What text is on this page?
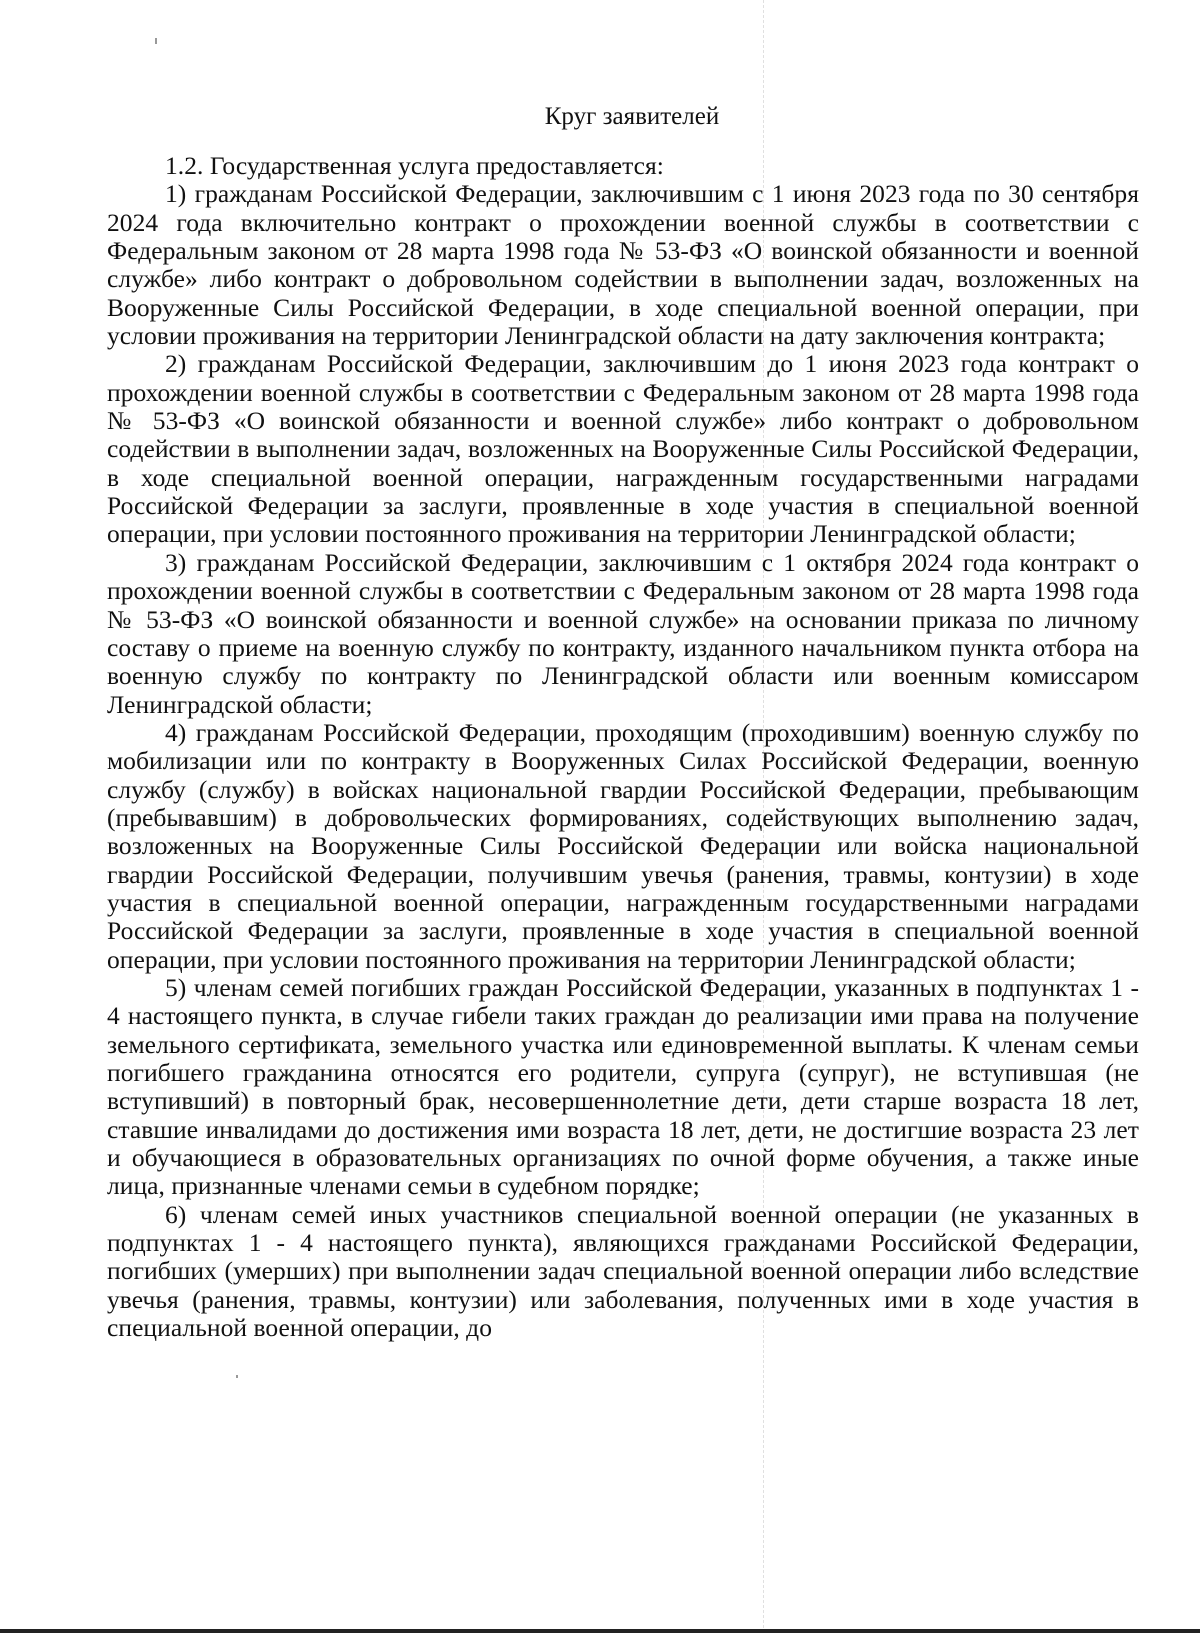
Круг заявителей

1.2. Государственная услуга предоставляется:

1) гражданам Российской Федерации, заключившим с 1 июня 2023 года по 30 сентября 2024 года включительно контракт о прохождении военной службы в соответствии с Федеральным законом от 28 марта 1998 года № 53-ФЗ «О воинской обязанности и военной службе» либо контракт о добровольном содействии в выполнении задач, возложенных на Вооруженные Силы Российской Федерации, в ходе специальной военной операции, при условии проживания на территории Ленинградской области на дату заключения контракта;

2) гражданам Российской Федерации, заключившим до 1 июня 2023 года контракт о прохождении военной службы в соответствии с Федеральным законом от 28 марта 1998 года № 53-ФЗ «О воинской обязанности и военной службе» либо контракт о добровольном содействии в выполнении задач, возложенных на Вооруженные Силы Российской Федерации, в ходе специальной военной операции, награжденным государственными наградами Российской Федерации за заслуги, проявленные в ходе участия в специальной военной операции, при условии постоянного проживания на территории Ленинградской области;

3) гражданам Российской Федерации, заключившим с 1 октября 2024 года контракт о прохождении военной службы в соответствии с Федеральным законом от 28 марта 1998 года № 53-ФЗ «О воинской обязанности и военной службе» на основании приказа по личному составу о приеме на военную службу по контракту, изданного начальником пункта отбора на военную службу по контракту по Ленинградской области или военным комиссаром Ленинградской области;

4) гражданам Российской Федерации, проходящим (проходившим) военную службу по мобилизации или по контракту в Вооруженных Силах Российской Федерации, военную службу (службу) в войсках национальной гвардии Российской Федерации, пребывающим (пребывавшим) в добровольческих формированиях, содействующих выполнению задач, возложенных на Вооруженные Силы Российской Федерации или войска национальной гвардии Российской Федерации, получившим увечья (ранения, травмы, контузии) в ходе участия в специальной военной операции, награжденным государственными наградами Российской Федерации за заслуги, проявленные в ходе участия в специальной военной операции, при условии постоянного проживания на территории Ленинградской области;

5) членам семей погибших граждан Российской Федерации, указанных в подпунктах 1 - 4 настоящего пункта, в случае гибели таких граждан до реализации ими права на получение земельного сертификата, земельного участка или единовременной выплаты. К членам семьи погибшего гражданина относятся его родители, супруга (супруг), не вступившая (не вступивший) в повторный брак, несовершеннолетние дети, дети старше возраста 18 лет, ставшие инвалидами до достижения ими возраста 18 лет, дети, не достигшие возраста 23 лет и обучающиеся в образовательных организациях по очной форме обучения, а также иные лица, признанные членами семьи в судебном порядке;

6) членам семей иных участников специальной военной операции (не указанных в подпунктах 1 - 4 настоящего пункта), являющихся гражданами Российской Федерации, погибших (умерших) при выполнении задач специальной военной операции либо вследствие увечья (ранения, травмы, контузии) или заболевания, полученных ими в ходе участия в специальной военной операции, до
